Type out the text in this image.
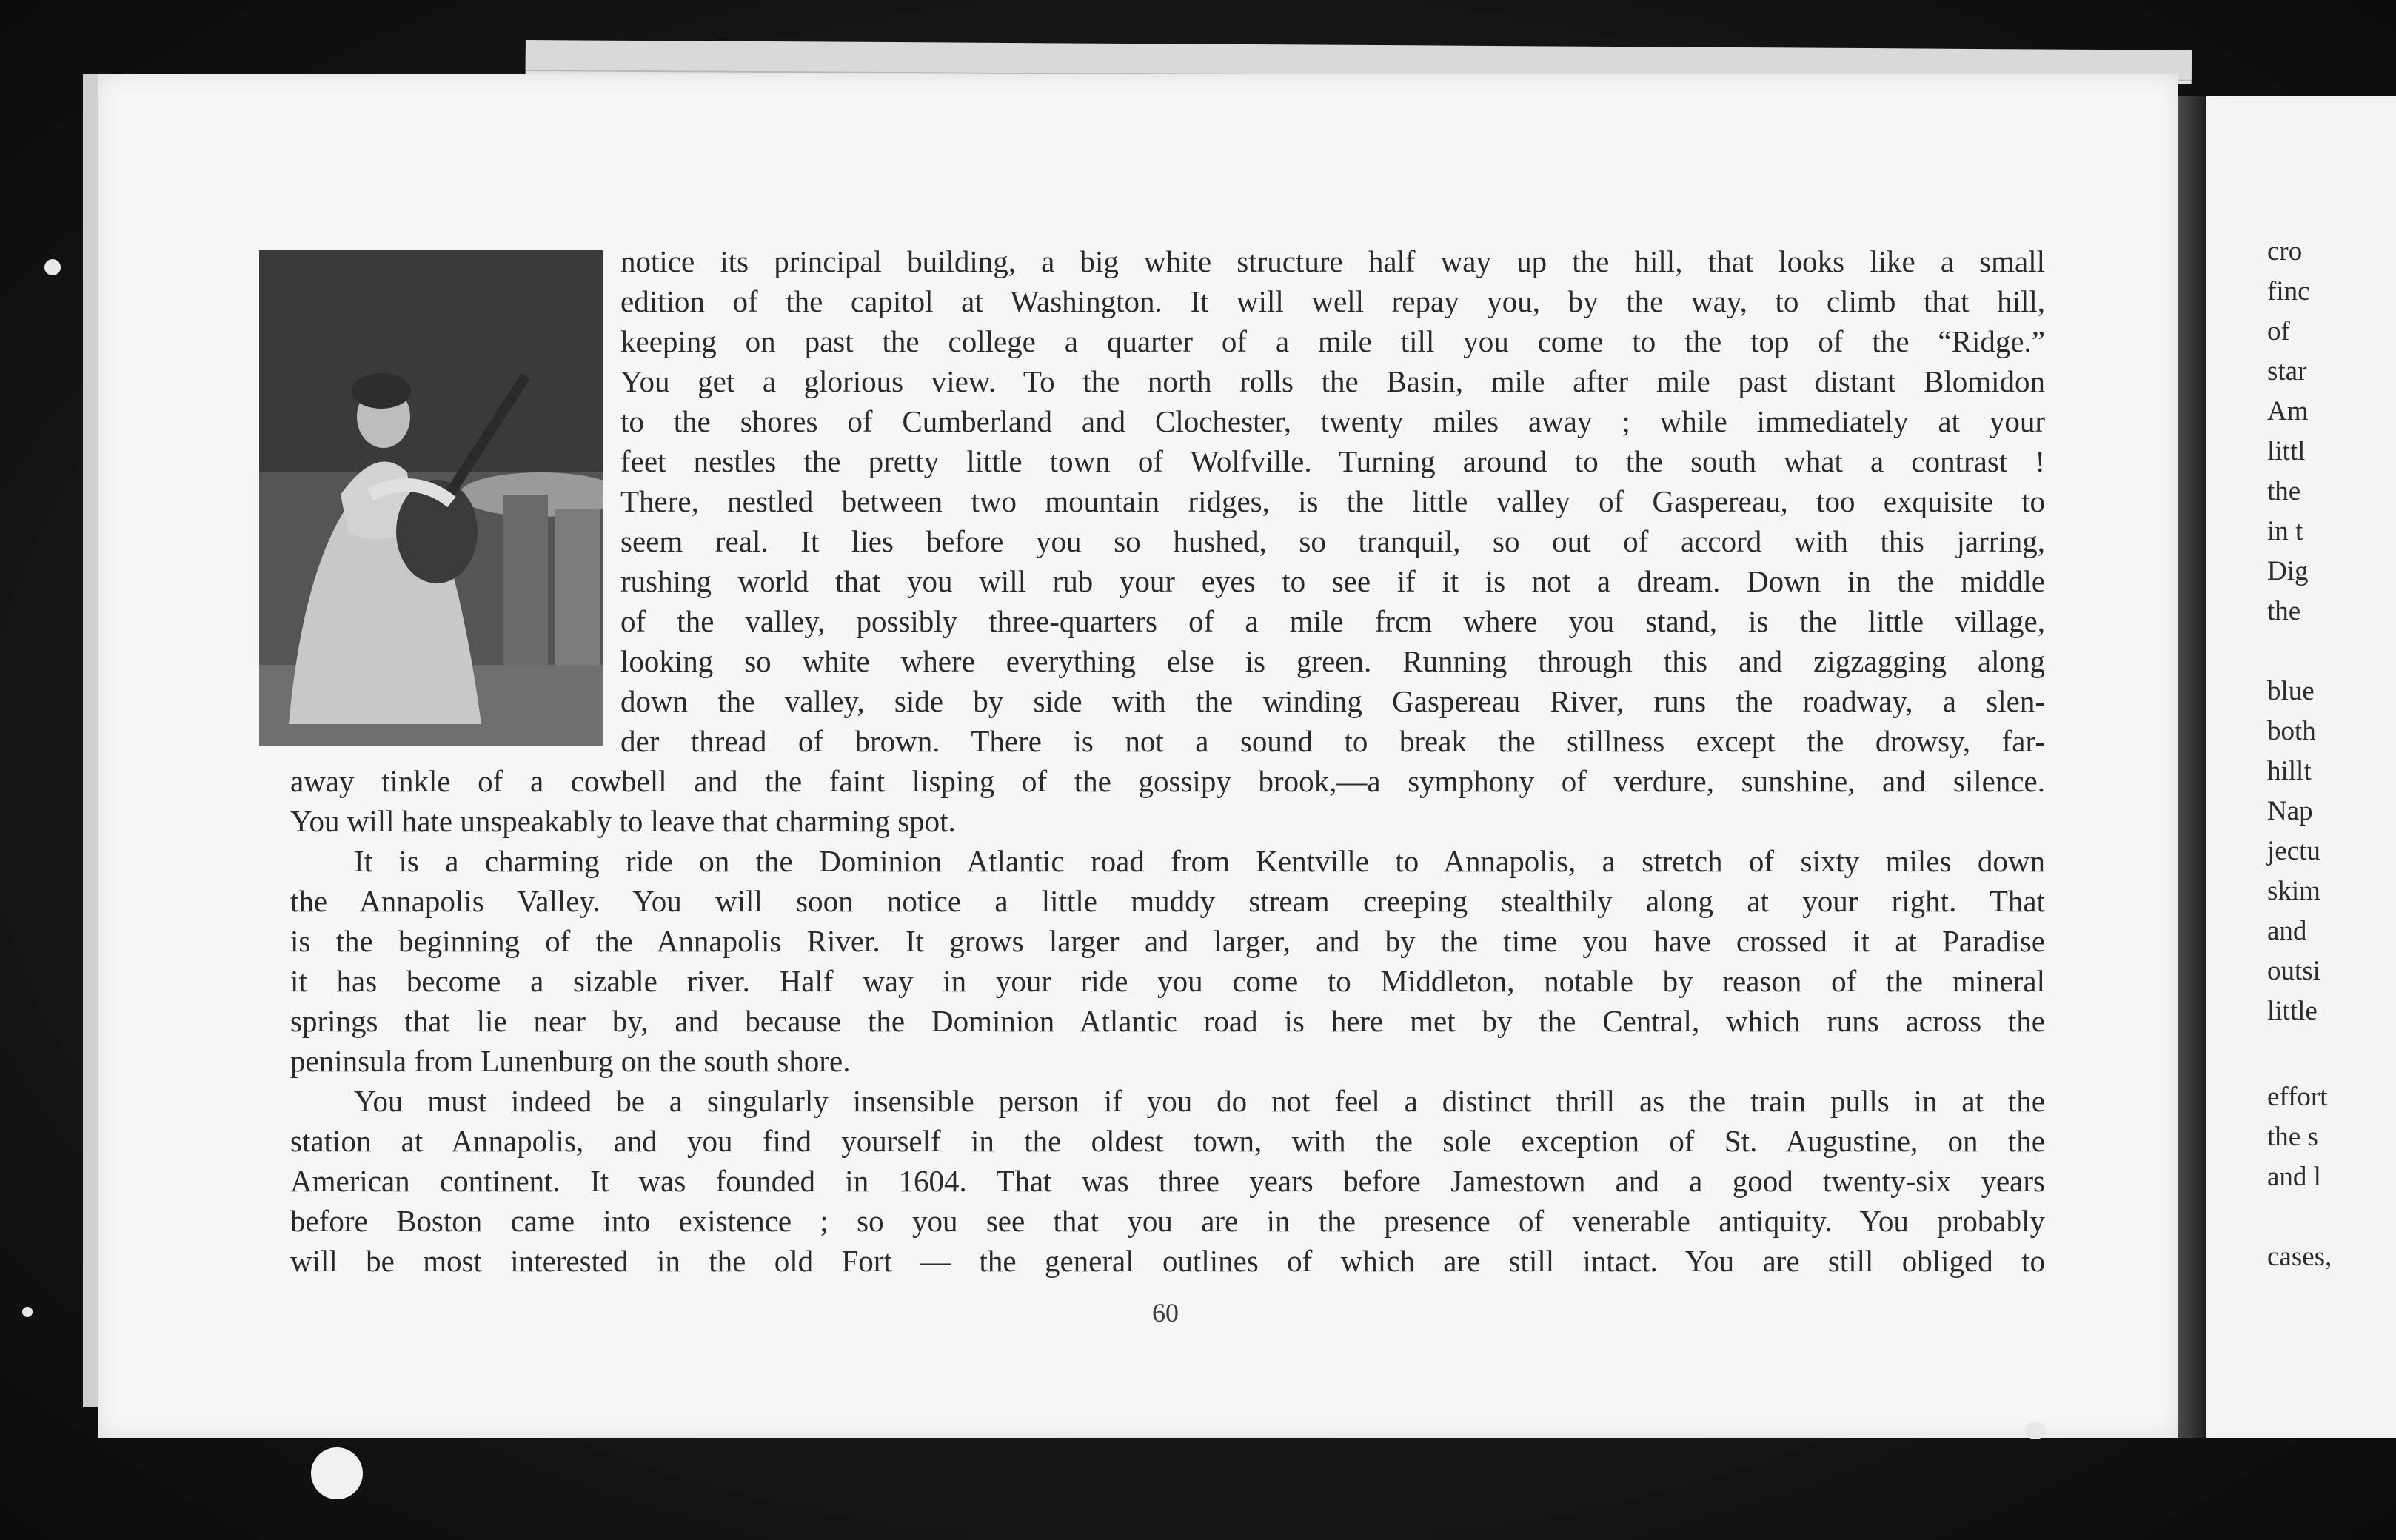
cro
finc
of
star
Am
littl
the
in t
Dig
the
blue
both
hillt
Nap
jectu
skim
and
outsi
little
effort
the s
and l
cases,
notice its principal building, a big white structure half way up the hill, that looks like a small
edition of the capitol at Washington. It will well repay you, by the way, to climb that hill,
keeping on past the college a quarter of a mile till you come to the top of the “Ridge.”
You get a glorious view. To the north rolls the Basin, mile after mile past distant Blomidon
to the shores of Cumberland and Clochester, twenty miles away ; while immediately at your
feet nestles the pretty little town of Wolfville. Turning around to the south what a contrast !
There, nestled between two mountain ridges, is the little valley of Gaspereau, too exquisite to
seem real. It lies before you so hushed, so tranquil, so out of accord with this jarring,
rushing world that you will rub your eyes to see if it is not a dream. Down in the middle
of the valley, possibly three-quarters of a mile frcm where you stand, is the little village,
looking so white where everything else is green. Running through this and zigzagging along
down the valley, side by side with the winding Gaspereau River, runs the roadway, a slen-
der thread of brown. There is not a sound to break the stillness except the drowsy, far-
away tinkle of a cowbell and the faint lisping of the gossipy brook,—a symphony of verdure, sunshine, and silence.
You will hate unspeakably to leave that charming spot.
It is a charming ride on the Dominion Atlantic road from Kentville to Annapolis, a stretch of sixty miles down
the Annapolis Valley. You will soon notice a little muddy stream creeping stealthily along at your right. That
is the beginning of the Annapolis River. It grows larger and larger, and by the time you have crossed it at Paradise
it has become a sizable river. Half way in your ride you come to Middleton, notable by reason of the mineral
springs that lie near by, and because the Dominion Atlantic road is here met by the Central, which runs across the
peninsula from Lunenburg on the south shore.
You must indeed be a singularly insensible person if you do not feel a distinct thrill as the train pulls in at the
station at Annapolis, and you find yourself in the oldest town, with the sole exception of St. Augustine, on the
American continent. It was founded in 1604. That was three years before Jamestown and a good twenty-six years
before Boston came into existence ; so you see that you are in the presence of venerable antiquity. You probably
will be most interested in the old Fort — the general outlines of which are still intact. You are still obliged to
60
